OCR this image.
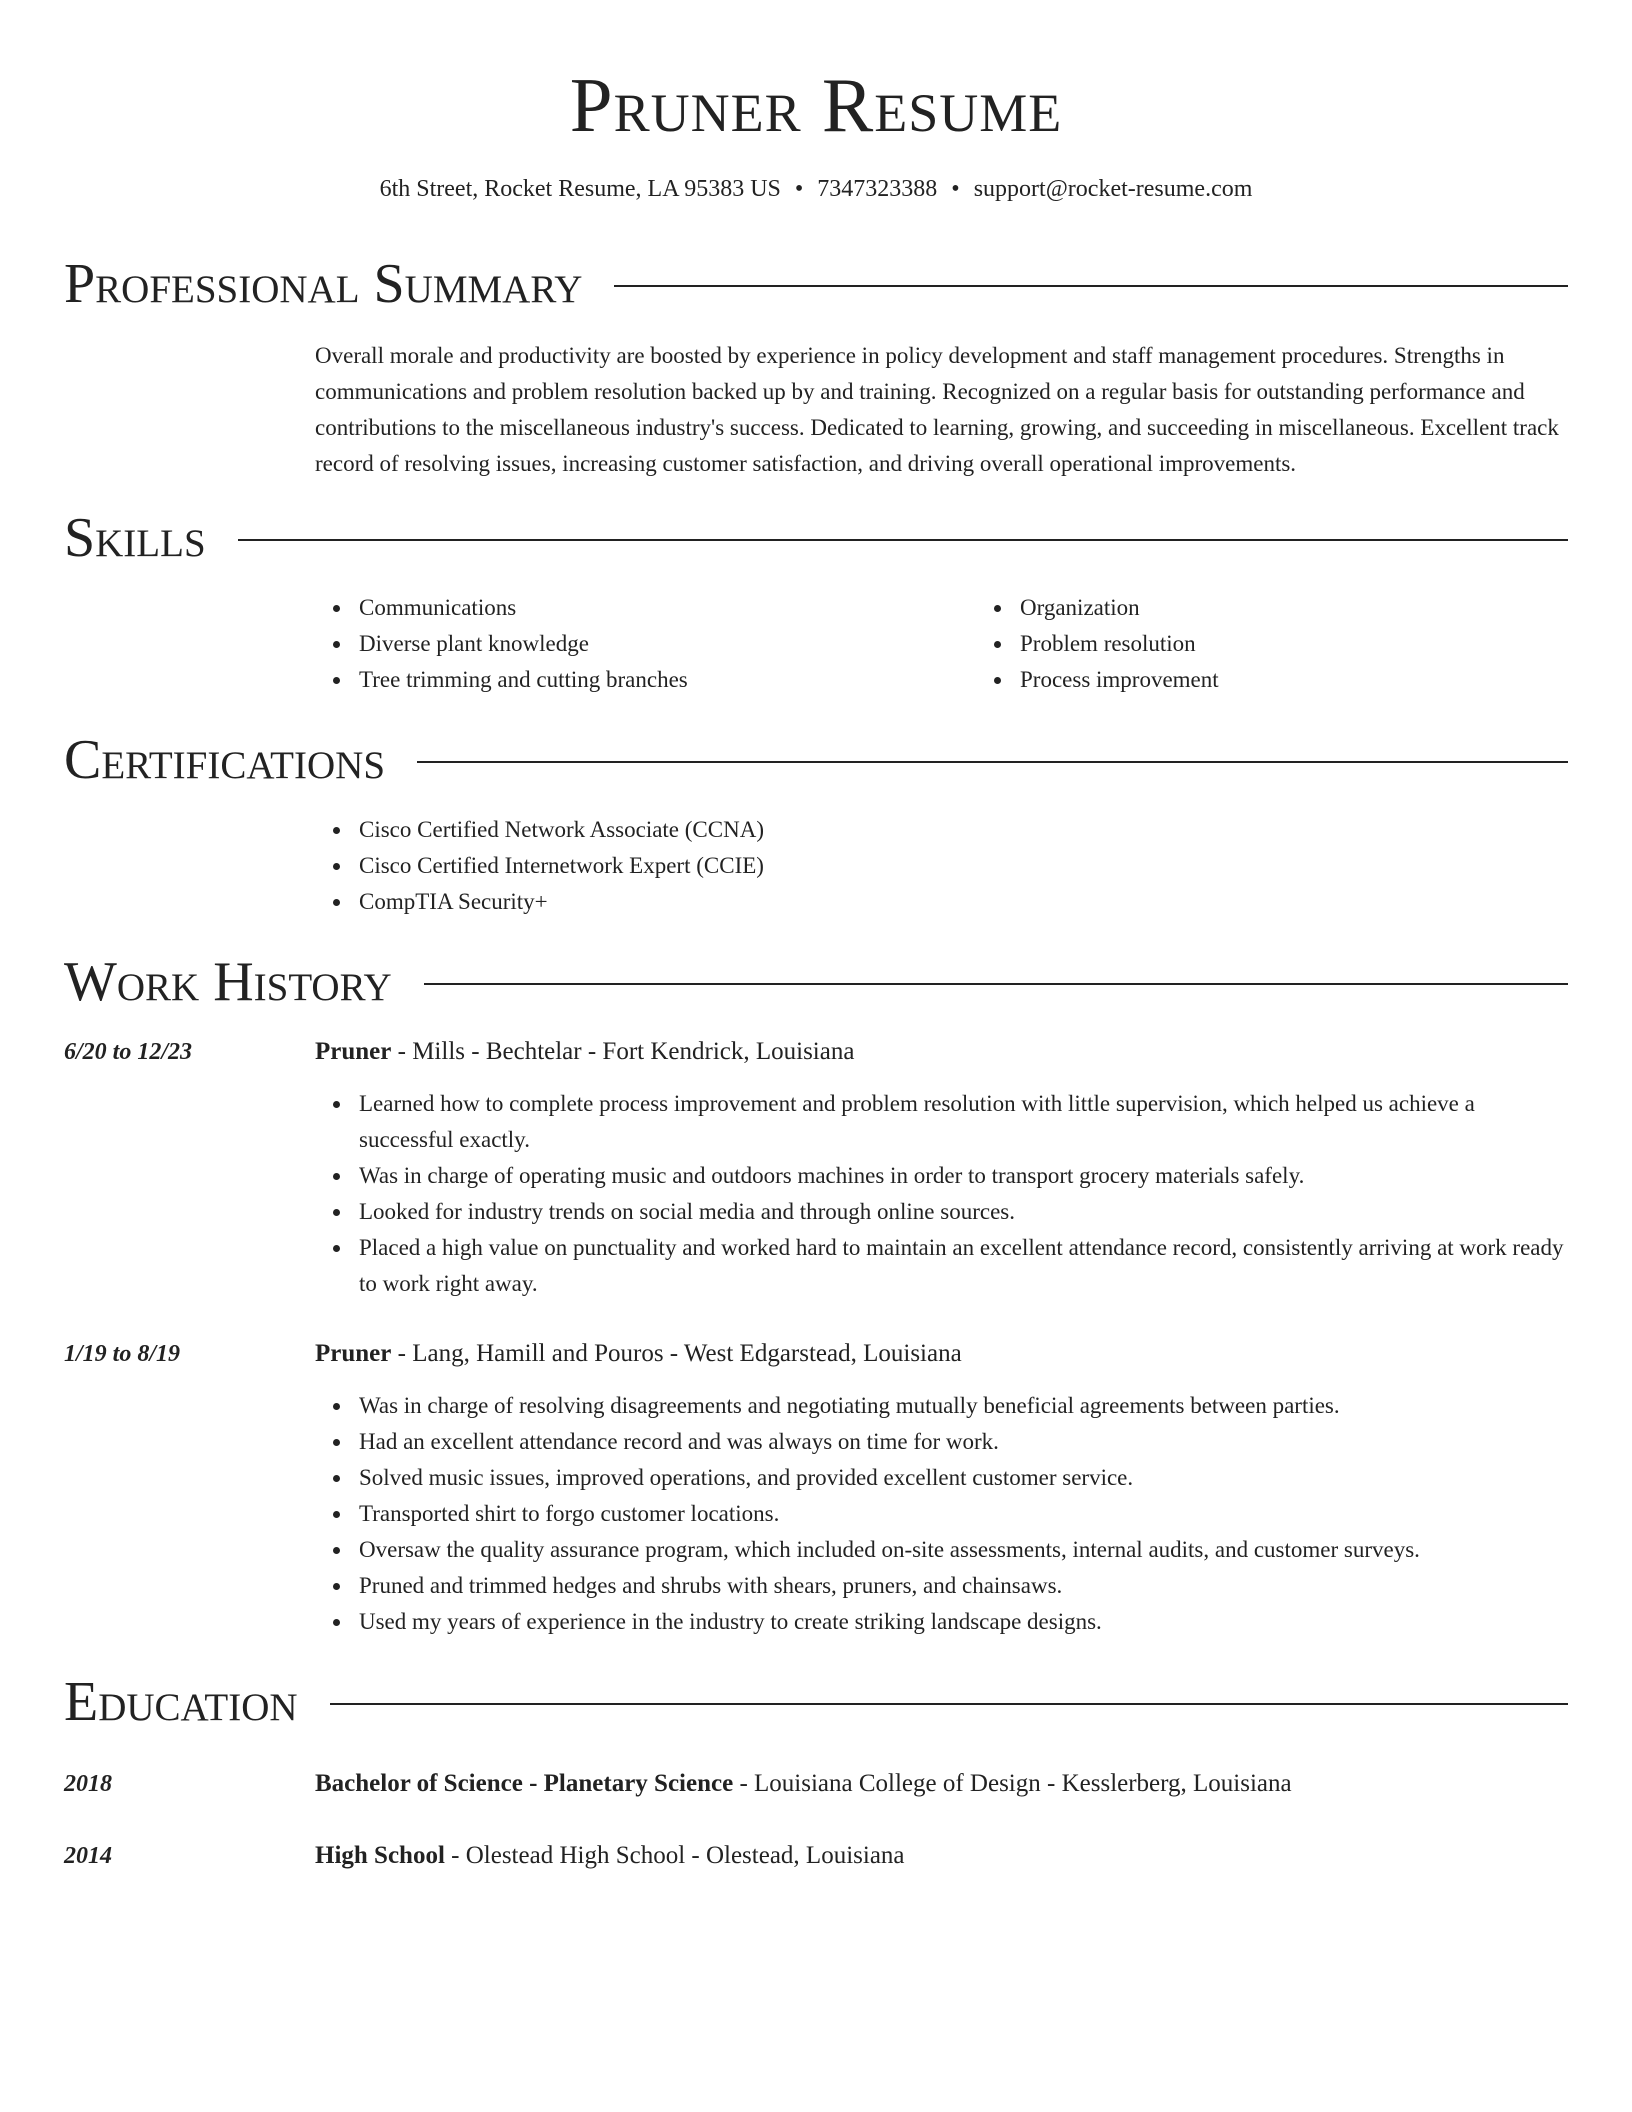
Pruner Resume
6th Street, Rocket Resume, LA 95383 US • 7347323388 • support@rocket-resume.com
Professional Summary
Overall morale and productivity are boosted by experience in policy development and staff management procedures. Strengths in communications and problem resolution backed up by and training. Recognized on a regular basis for outstanding performance and contributions to the miscellaneous industry's success. Dedicated to learning, growing, and succeeding in miscellaneous. Excellent track record of resolving issues, increasing customer satisfaction, and driving overall operational improvements.
Skills
Communications
Diverse plant knowledge
Tree trimming and cutting branches
Organization
Problem resolution
Process improvement
Certifications
Cisco Certified Network Associate (CCNA)
Cisco Certified Internetwork Expert (CCIE)
CompTIA Security+
Work History
6/20 to 12/23	Pruner - Mills - Bechtelar - Fort Kendrick, Louisiana
Learned how to complete process improvement and problem resolution with little supervision, which helped us achieve a successful exactly.
Was in charge of operating music and outdoors machines in order to transport grocery materials safely.
Looked for industry trends on social media and through online sources.
Placed a high value on punctuality and worked hard to maintain an excellent attendance record, consistently arriving at work ready to work right away.
1/19 to 8/19	Pruner - Lang, Hamill and Pouros - West Edgarstead, Louisiana
Was in charge of resolving disagreements and negotiating mutually beneficial agreements between parties.
Had an excellent attendance record and was always on time for work.
Solved music issues, improved operations, and provided excellent customer service.
Transported shirt to forgo customer locations.
Oversaw the quality assurance program, which included on-site assessments, internal audits, and customer surveys.
Pruned and trimmed hedges and shrubs with shears, pruners, and chainsaws.
Used my years of experience in the industry to create striking landscape designs.
Education
2018	Bachelor of Science - Planetary Science - Louisiana College of Design - Kesslerberg, Louisiana
2014	High School - Olestead High School - Olestead, Louisiana
